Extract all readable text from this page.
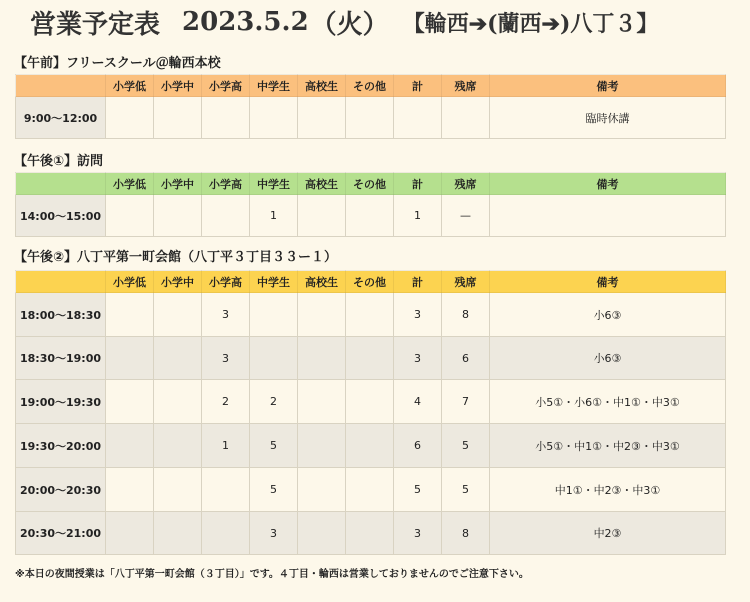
営業予定表 2023.5.2 （火） 【輪西➔(蘭西➔)八丁３】
【午前】フリースクール＠輪西本校
	小学低	小学中	小学高	中学生	高校生	その他	計	残席	備考
9:00〜12:00									臨時休講
【午後①】訪問
	小学低	小学中	小学高	中学生	高校生	その他	計	残席	備考
14:00〜15:00				1			1	—	
【午後②】八丁平第一町会館（八丁平３丁目３３ー１）
	小学低	小学中	小学高	中学生	高校生	その他	計	残席	備考
18:00〜18:30			3				3	8	小6③
18:30〜19:00			3				3	6	小6③
19:00〜19:30			2	2			4	7	小5①・小6①・中1①・中3①
19:30〜20:00			1	5			6	5	小5①・中1①・中2③・中3①
20:00〜20:30				5			5	5	中1①・中2③・中3①
20:30〜21:00				3			3	8	中2③
※本日の夜間授業は「八丁平第一町会館（３丁目）」です。４丁目・輪西は営業しておりませんのでご注意下さい。
